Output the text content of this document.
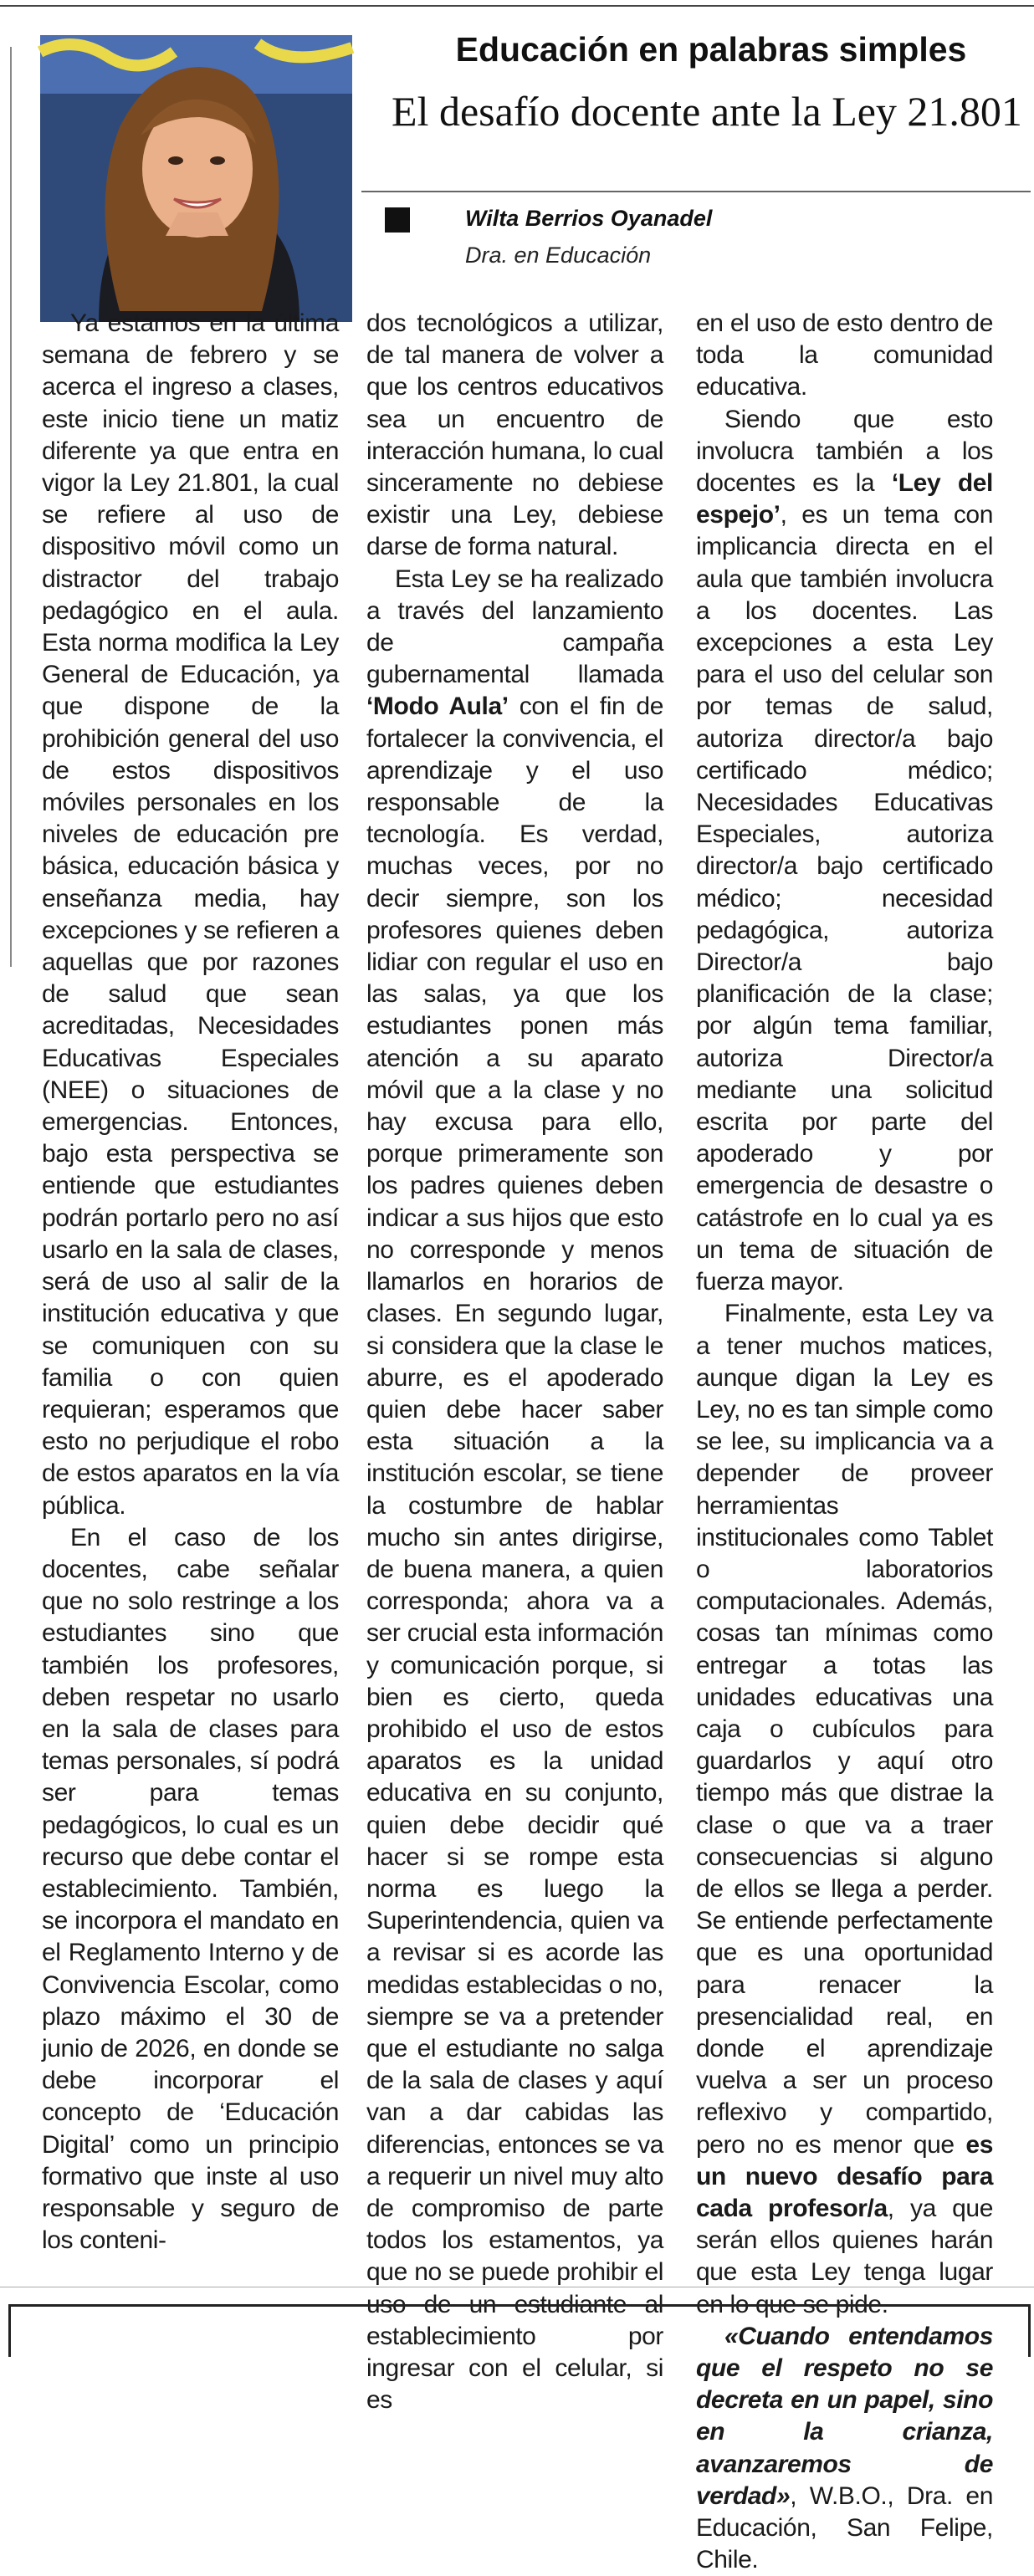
Educación en palabras simples
El desafío docente ante la Ley 21.801
Wilta Berrios Oyanadel
Dra. en Educación

Ya estamos en la última semana de febrero y se acerca el ingreso a clases, este inicio tiene un matiz diferente ya que entra en vigor la Ley 21.801, la cual se refiere al uso de dispositivo móvil como un distractor del trabajo pedagógico en el aula. Esta norma modifica la Ley General de Educación, ya que dispone de la prohibición general del uso de estos dispositivos móviles personales en los niveles de educación pre básica, educación básica y enseñanza media, hay excepciones y se refieren a aquellas que por razones de salud que sean acreditadas, Necesidades Educativas Especiales (NEE) o situaciones de emergencias. Entonces, bajo esta perspectiva se entiende que estudiantes podrán portarlo pero no así usarlo en la sala de clases, será de uso al salir de la institución educativa y que se comuniquen con su familia o con quien requieran; esperamos que esto no perjudique el robo de estos aparatos en la vía pública.

En el caso de los docentes, cabe señalar que no solo restringe a los estudiantes sino que también los profesores, deben respetar no usarlo en la sala de clases para temas personales, sí podrá ser para temas pedagógicos, lo cual es un recurso que debe contar el establecimiento. También, se incorpora el mandato en el Reglamento Interno y de Convivencia Escolar, como plazo máximo el 30 de junio de 2026, en donde se debe incorporar el concepto de ‘Educación Digital’ como un principio formativo que inste al uso responsable y seguro de los conteni-

dos tecnológicos a utilizar, de tal manera de volver a que los centros educativos sea un encuentro de interacción humana, lo cual sinceramente no debiese existir una Ley, debiese darse de forma natural.

Esta Ley se ha realizado a través del lanzamiento de campaña gubernamental llamada ‘Modo Aula’ con el fin de fortalecer la convivencia, el aprendizaje y el uso responsable de la tecnología. Es verdad, muchas veces, por no decir siempre, son los profesores quienes deben lidiar con regular el uso en las salas, ya que los estudiantes ponen más atención a su aparato móvil que a la clase y no hay excusa para ello, porque primeramente son los padres quienes deben indicar a sus hijos que esto no corresponde y menos llamarlos en horarios de clases. En segundo lugar, si considera que la clase le aburre, es el apoderado quien debe hacer saber esta situación a la institución escolar, se tiene la costumbre de hablar mucho sin antes dirigirse, de buena manera, a quien corresponda; ahora va a ser crucial esta información y comunicación porque, si bien es cierto, queda prohibido el uso de estos aparatos es la unidad educativa en su conjunto, quien debe decidir qué hacer si se rompe esta norma es luego la Superintendencia, quien va a revisar si es acorde las medidas establecidas o no, siempre se va a pretender que el estudiante no salga de la sala de clases y aquí van a dar cabidas las diferencias, entonces se va a requerir un nivel muy alto de compromiso de parte todos los estamentos, ya que no se puede prohibir el uso de un estudiante al establecimiento por ingresar con el celular, si es

en el uso de esto dentro de toda la comunidad educativa.

Siendo que esto involucra también a los docentes es la ‘Ley del espejo’, es un tema con implicancia directa en el aula que también involucra a los docentes. Las excepciones a esta Ley para el uso del celular son por temas de salud, autoriza director/a bajo certificado médico; Necesidades Educativas Especiales, autoriza director/a bajo certificado médico; necesidad pedagógica, autoriza Director/a bajo planificación de la clase; por algún tema familiar, autoriza Director/a mediante una solicitud escrita por parte del apoderado y por emergencia de desastre o catástrofe en lo cual ya es un tema de situación de fuerza mayor.

Finalmente, esta Ley va a tener muchos matices, aunque digan la Ley es Ley, no es tan simple como se lee, su implicancia va a depender de proveer herramientas institucionales como Tablet o laboratorios computacionales. Además, cosas tan mínimas como entregar a totas las unidades educativas una caja o cubículos para guardarlos y aquí otro tiempo más que distrae la clase o que va a traer consecuencias si alguno de ellos se llega a perder. Se entiende perfectamente que es una oportunidad para renacer la presencialidad real, en donde el aprendizaje vuelva a ser un proceso reflexivo y compartido, pero no es menor que es un nuevo desafío para cada profesor/a, ya que serán ellos quienes harán que esta Ley tenga lugar en lo que se pide.

«Cuando entendamos que el respeto no se decreta en un papel, sino en la crianza, avanzaremos de verdad», W.B.O., Dra. en Educación, San Felipe, Chile.
